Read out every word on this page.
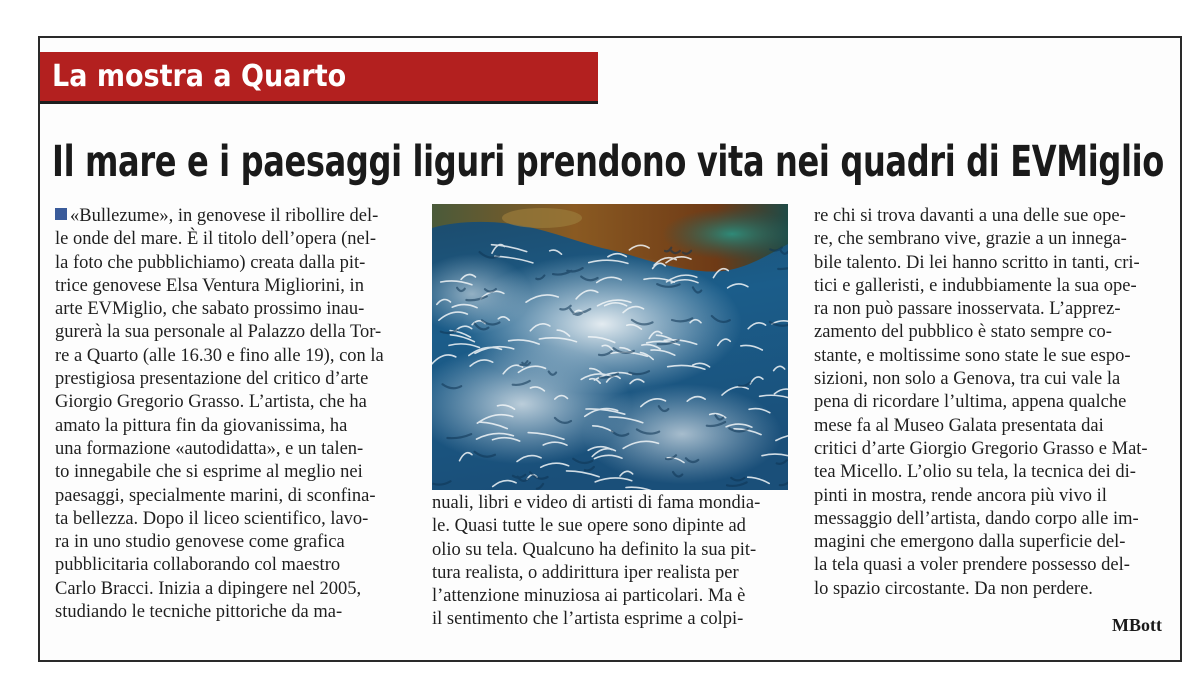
La mostra a Quarto
Il mare e i paesaggi liguri prendono vita nei quadri di EVMiglio
«Bullezume», in genovese il ribollire del-
le onde del mare. È il titolo dell’opera (nel-
la foto che pubblichiamo) creata dalla pit-
trice genovese Elsa Ventura Migliorini, in
arte EVMiglio, che sabato prossimo inau-
gurerà la sua personale al Palazzo della Tor-
re a Quarto (alle 16.30 e fino alle 19), con la
prestigiosa presentazione del critico d’arte
Giorgio Gregorio Grasso. L’artista, che ha
amato la pittura fin da giovanissima, ha
una formazione «autodidatta», e un talen-
to innegabile che si esprime al meglio nei
paesaggi, specialmente marini, di sconfina-
ta bellezza. Dopo il liceo scientifico, lavo-
ra in uno studio genovese come grafica
pubblicitaria collaborando col maestro
Carlo Bracci. Inizia a dipingere nel 2005,
studiando le tecniche pittoriche da ma-
nuali, libri e video di artisti di fama mondia-
le. Quasi tutte le sue opere sono dipinte ad
olio su tela. Qualcuno ha definito la sua pit-
tura realista, o addirittura iper realista per
l’attenzione minuziosa ai particolari. Ma è
il sentimento che l’artista esprime a colpi-
re chi si trova davanti a una delle sue ope-
re, che sembrano vive, grazie a un innega-
bile talento. Di lei hanno scritto in tanti, cri-
tici e galleristi, e indubbiamente la sua ope-
ra non può passare inosservata. L’apprez-
zamento del pubblico è stato sempre co-
stante, e moltissime sono state le sue espo-
sizioni, non solo a Genova, tra cui vale la
pena di ricordare l’ultima, appena qualche
mese fa al Museo Galata presentata dai
critici d’arte Giorgio Gregorio Grasso e Mat-
tea Micello. L’olio su tela, la tecnica dei di-
pinti in mostra, rende ancora più vivo il
messaggio dell’artista, dando corpo alle im-
magini che emergono dalla superficie del-
la tela quasi a voler prendere possesso del-
lo spazio circostante. Da non perdere.
MBott
